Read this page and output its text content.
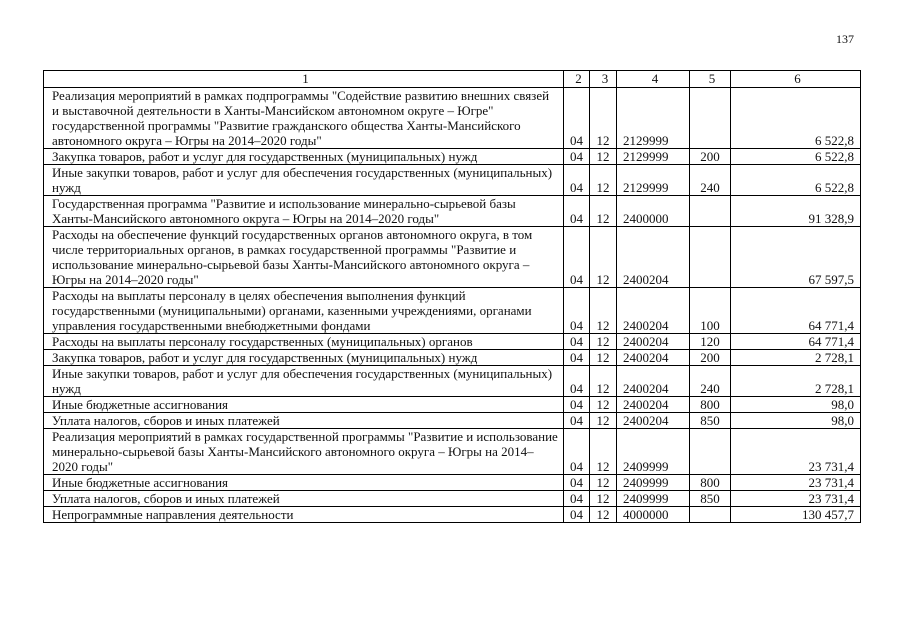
137
1	2	3	4	5	6
Реализация мероприятий в рамках подпрограммы "Содействие развитию внешних связей и выставочной деятельности в Ханты-Мансийском автономном округе – Югре" государственной программы "Развитие гражданского общества Ханты-Мансийского автономного округа – Югры на 2014–2020 годы"	04	12	2129999		6 522,8
Закупка товаров, работ и услуг для государственных (муниципальных) нужд	04	12	2129999	200	6 522,8
Иные закупки товаров, работ и услуг для обеспечения государственных (муниципальных) нужд	04	12	2129999	240	6 522,8
Государственная программа "Развитие и использование минерально-сырьевой базы Ханты-Мансийского автономного округа – Югры на 2014–2020 годы"	04	12	2400000		91 328,9
Расходы на обеспечение функций государственных органов автономного округа, в том числе территориальных органов, в рамках государственной программы "Развитие и использование минерально-сырьевой базы Ханты-Мансийского автономного округа – Югры на 2014–2020 годы"	04	12	2400204		67 597,5
Расходы на выплаты персоналу в целях обеспечения выполнения функций государственными (муниципальными) органами, казенными учреждениями, органами управления государственными внебюджетными фондами	04	12	2400204	100	64 771,4
Расходы на выплаты персоналу государственных (муниципальных) органов	04	12	2400204	120	64 771,4
Закупка товаров, работ и услуг для государственных (муниципальных) нужд	04	12	2400204	200	2 728,1
Иные закупки товаров, работ и услуг для обеспечения государственных (муниципальных) нужд	04	12	2400204	240	2 728,1
Иные бюджетные ассигнования	04	12	2400204	800	98,0
Уплата налогов, сборов и иных платежей	04	12	2400204	850	98,0
Реализация мероприятий в рамках государственной программы "Развитие и использование минерально-сырьевой базы Ханты-Мансийского автономного округа – Югры на 2014–2020 годы"	04	12	2409999		23 731,4
Иные бюджетные ассигнования	04	12	2409999	800	23 731,4
Уплата налогов, сборов и иных платежей	04	12	2409999	850	23 731,4
Непрограммные направления деятельности	04	12	4000000		130 457,7
